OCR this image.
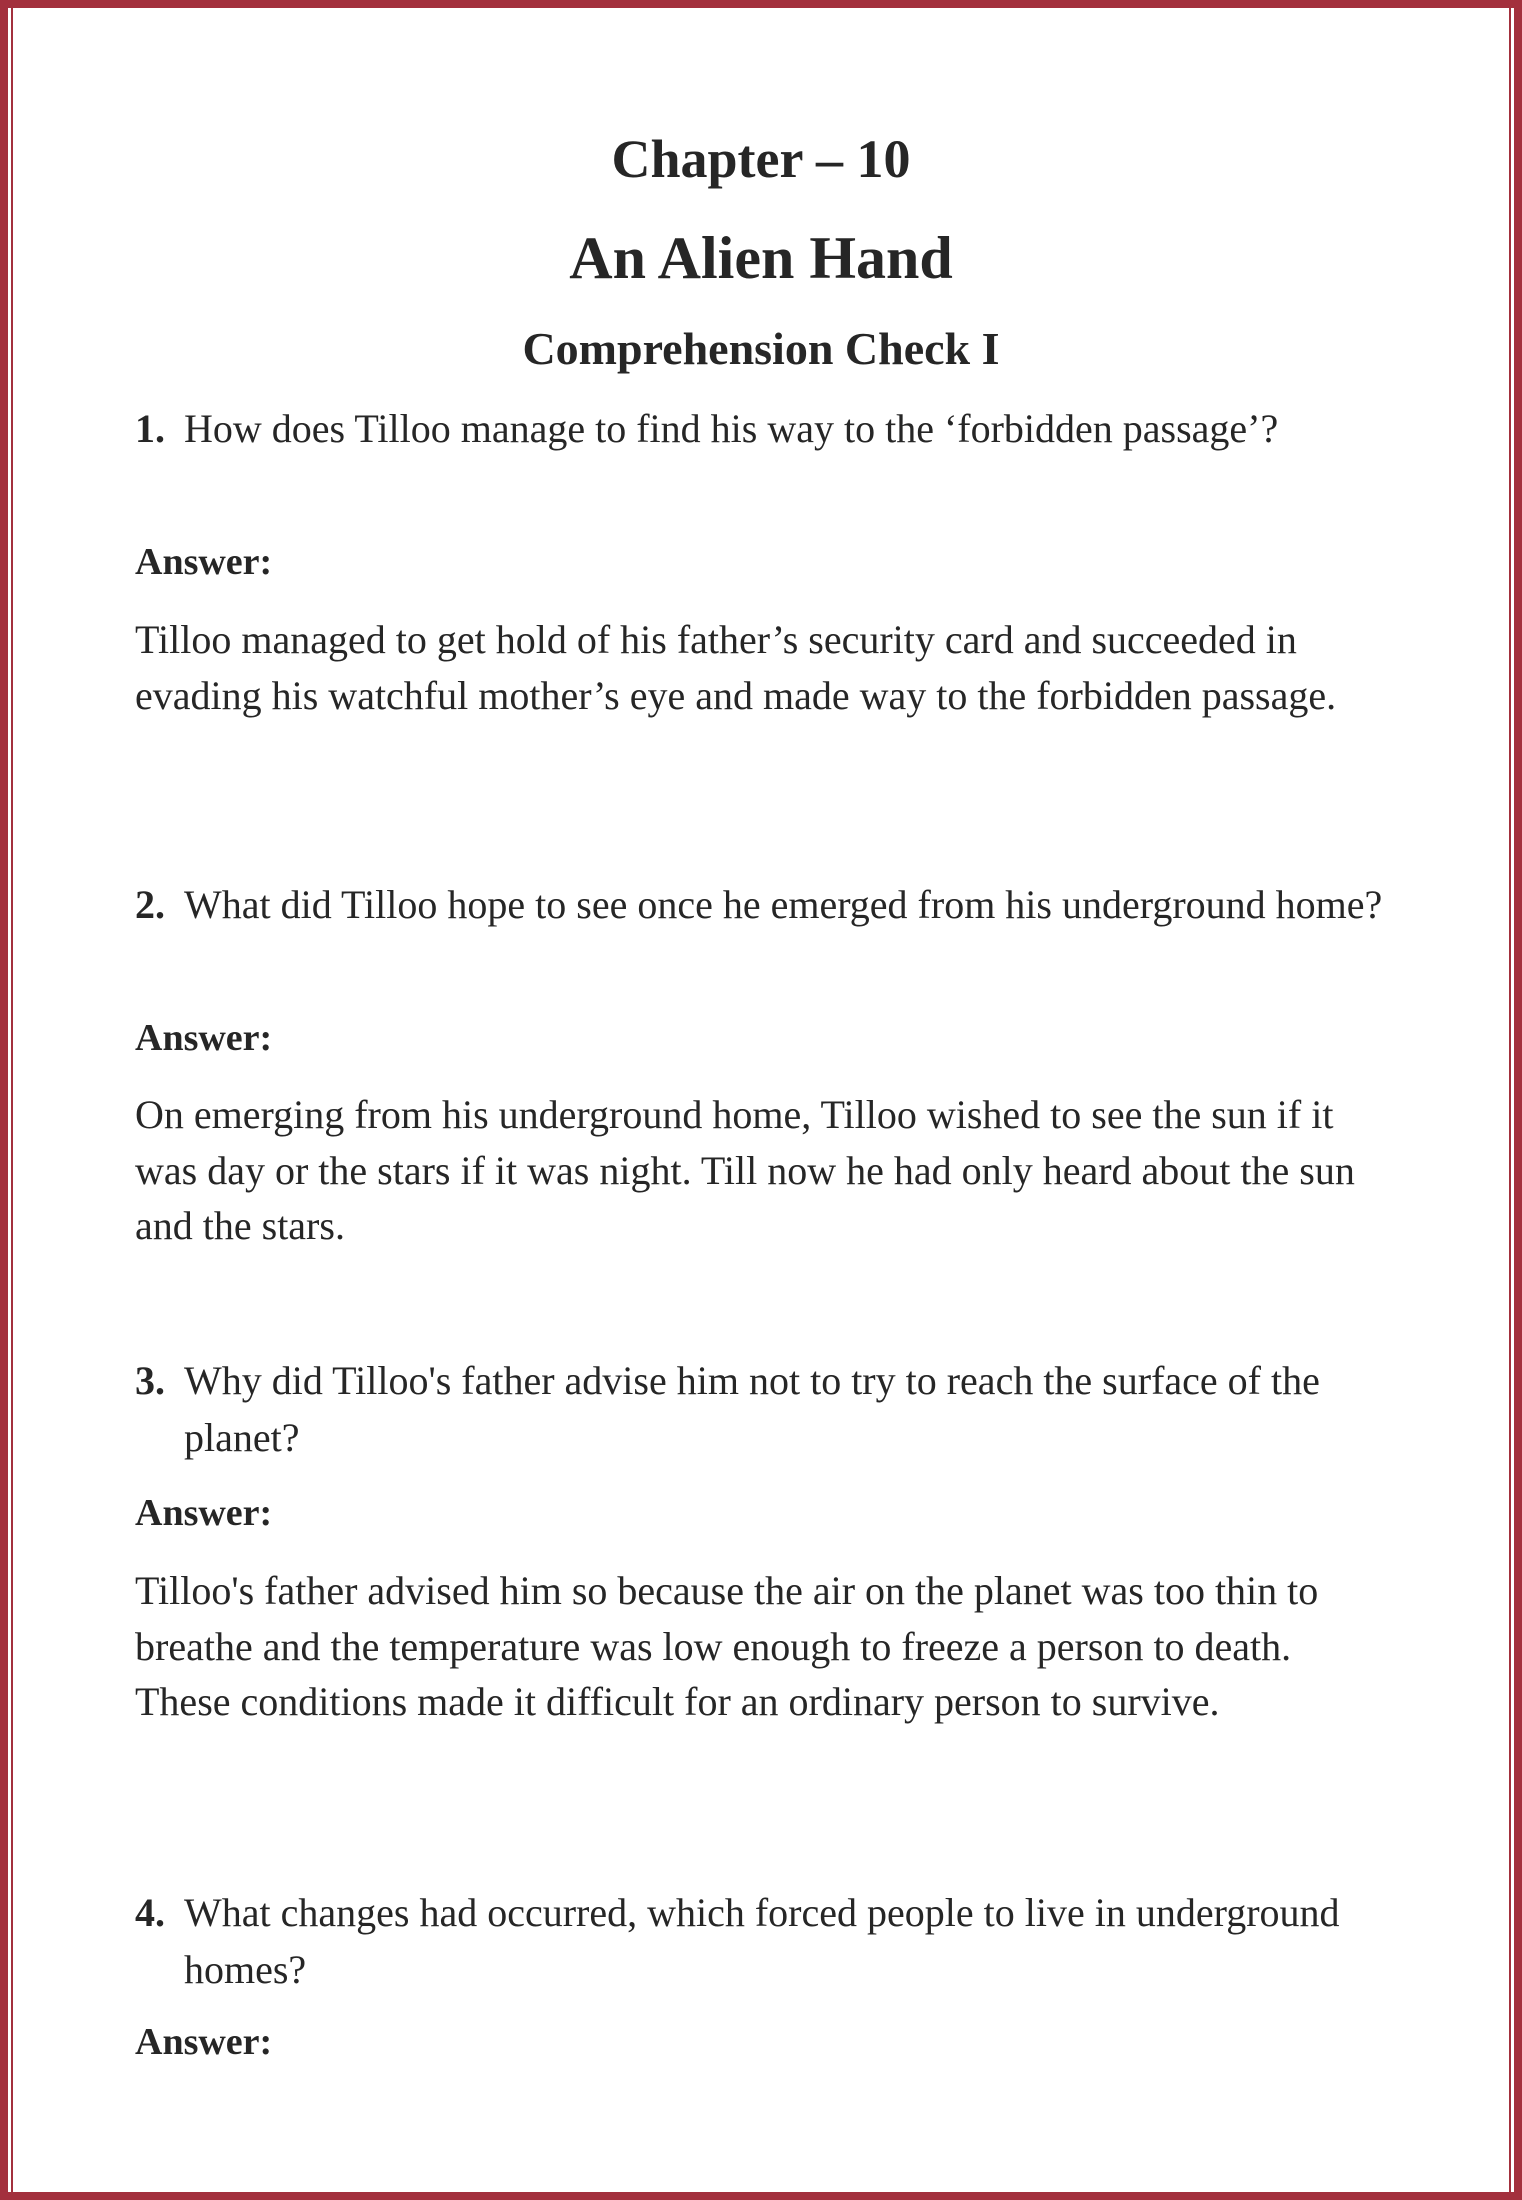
Chapter – 10
An Alien Hand
Comprehension Check I
1. How does Tilloo manage to find his way to the ‘forbidden passage’?
Answer:
Tilloo managed to get hold of his father’s security card and succeeded in evading his watchful mother’s eye and made way to the forbidden passage.
2. What did Tilloo hope to see once he emerged from his underground home?
Answer:
On emerging from his underground home, Tilloo wished to see the sun if it was day or the stars if it was night. Till now he had only heard about the sun and the stars.
3. Why did Tilloo's father advise him not to try to reach the surface of the planet?
Answer:
Tilloo's father advised him so because the air on the planet was too thin to breathe and the temperature was low enough to freeze a person to death. These conditions made it difficult for an ordinary person to survive.
4. What changes had occurred, which forced people to live in underground homes?
Answer:
